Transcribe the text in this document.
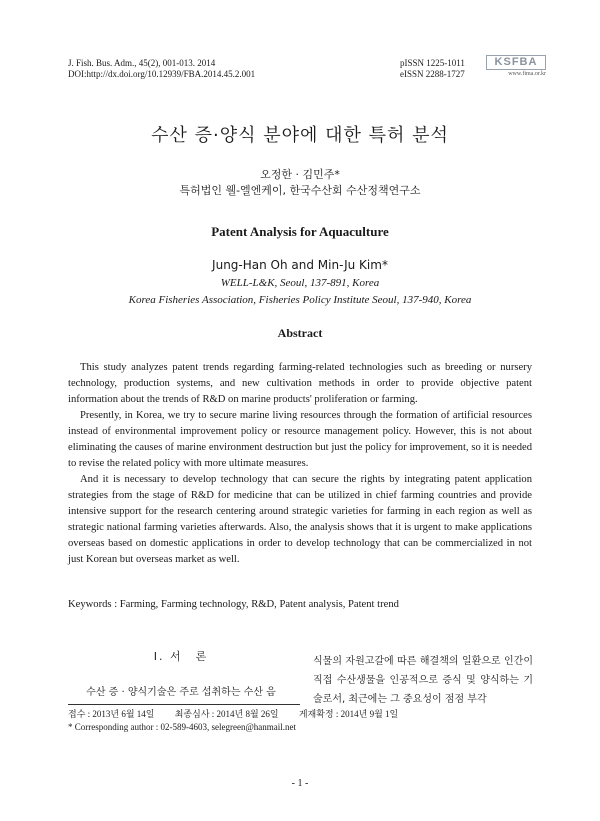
J. Fish. Bus. Adm., 45(2), 001-013. 2014
DOI:http://dx.doi.org/10.12939/FBA.2014.45.2.001
pISSN 1225-1011
eISSN 2288-1727
KSFBA
www.fima.or.kr
수산 증·양식 분야에 대한 특허 분석
오정한 · 김민주*
특허법인 웰-엘엔케이, 한국수산회 수산정책연구소
Patent Analysis for Aquaculture
Jung-Han Oh and Min-Ju Kim*
WELL-L&K, Seoul, 137-891, Korea
Korea Fisheries Association, Fisheries Policy Institute Seoul, 137-940, Korea
Abstract

This study analyzes patent trends regarding farming-related technologies such as breeding or nursery technology, production systems, and new cultivation methods in order to provide objective patent information about the trends of R&D on marine products' proliferation or farming.

Presently, in Korea, we try to secure marine living resources through the formation of artificial resources instead of environmental improvement policy or resource management policy. However, this is not about eliminating the causes of marine environment destruction but just the policy for improvement, so it is needed to revise the related policy with more ultimate measures.

And it is necessary to develop technology that can secure the rights by integrating patent application strategies from the stage of R&D for medicine that can be utilized in chief farming countries and provide intensive support for the research centering around strategic varieties for farming in each region as well as strategic national farming varieties afterwards. Also, the analysis shows that it is urgent to make applications overseas based on domestic applications in order to develop technology that can be commercialized in not just Korean but overseas market as well.

Keywords : Farming, Farming technology, R&D, Patent analysis, Patent trend
Ⅰ. 서　론
수산 증 · 양식기술은 주로 섭취하는 수산 음
식물의 자원고갈에 따른 해결책의 일환으로 인간이 직접 수산생물을 인공적으로 증식 및 양식하는 기술로서, 최근에는 그 중요성이 점점 부각
접수 : 2013년 6월 14일 최종심사 : 2014년 8월 26일 게재확정 : 2014년 9월 1일
* Corresponding author : 02-589-4603, selegreen@hanmail.net
- 1 -
